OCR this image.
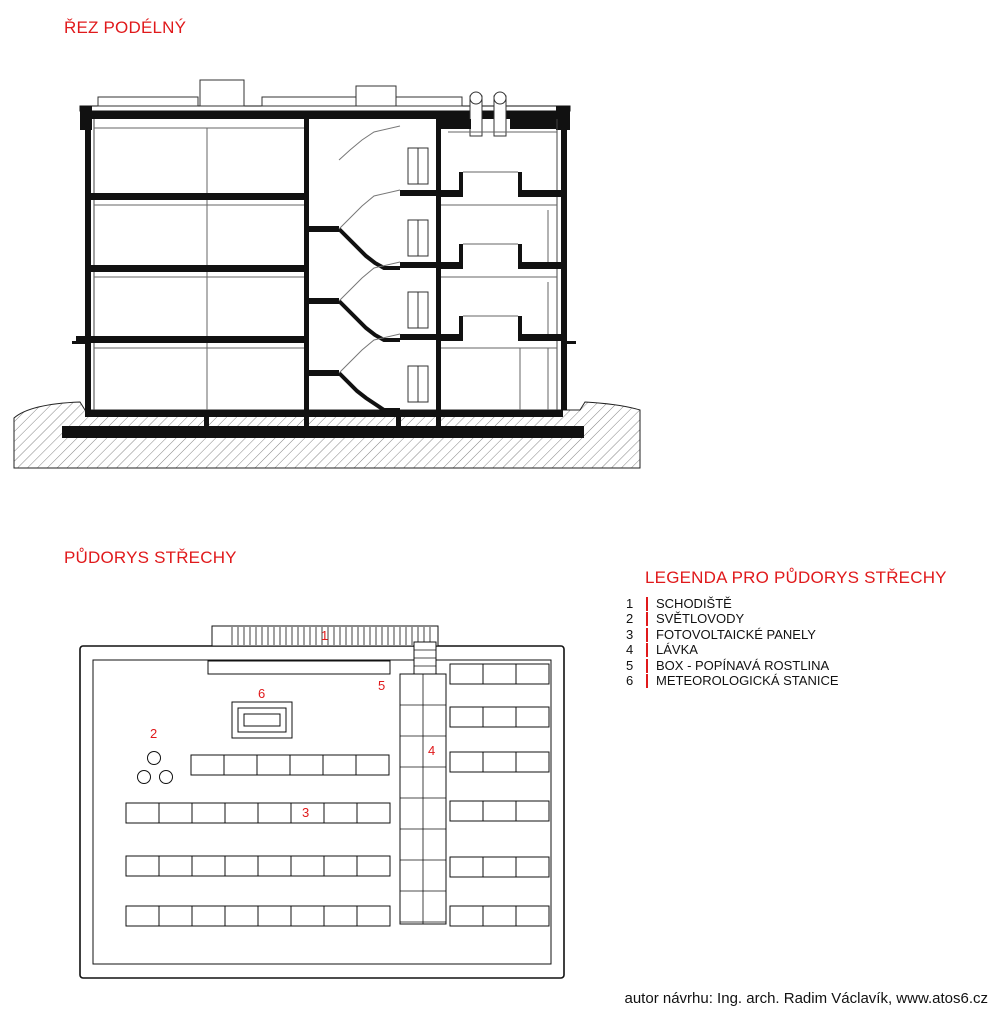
ŘEZ PODÉLNÝ
PŮDORYS STŘECHY
LEGENDA PRO PŮDORYS STŘECHY
1 SCHODIŠTĚ
2 SVĚTLOVODY
3 FOTOVOLTAICKÉ PANELY
4 LÁVKA
5 BOX - POPÍNAVÁ ROSTLINA
6 METEOROLOGICKÁ STANICE
autor návrhu: Ing. arch. Radim Václavík, www.atos6.cz
1
2
3
4
5
6
